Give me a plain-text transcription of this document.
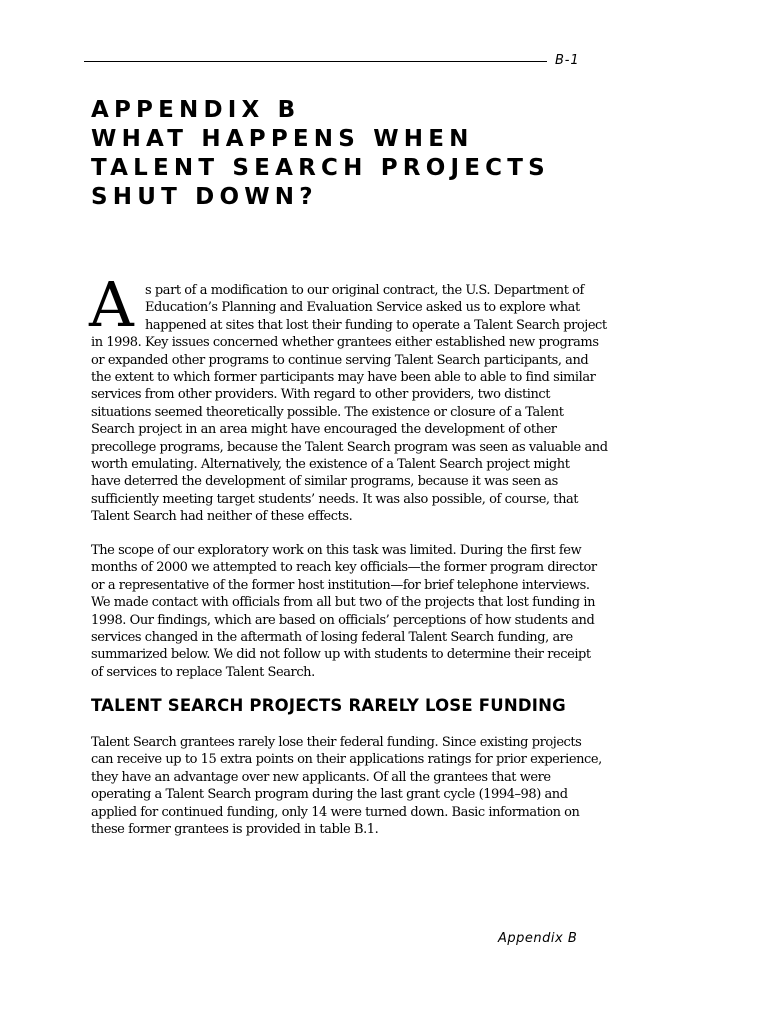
B-1
APPENDIX B
WHAT HAPPENS WHEN
TALENT SEARCH PROJECTS
SHUT DOWN?
A s part of a modification to our original contract, the U.S. Department of
Education’s Planning and Evaluation Service asked us to explore what
happened at sites that lost their funding to operate a Talent Search project
in 1998. Key issues concerned whether grantees either established new programs
or expanded other programs to continue serving Talent Search participants, and
the extent to which former participants may have been able to able to find similar
services from other providers. With regard to other providers, two distinct
situations seemed theoretically possible. The existence or closure of a Talent
Search project in an area might have encouraged the development of other
precollege programs, because the Talent Search program was seen as valuable and
worth emulating. Alternatively, the existence of a Talent Search project might
have deterred the development of similar programs, because it was seen as
sufficiently meeting target students’ needs. It was also possible, of course, that
Talent Search had neither of these effects.
The scope of our exploratory work on this task was limited. During the first few
months of 2000 we attempted to reach key officials—the former program director
or a representative of the former host institution—for brief telephone interviews.
We made contact with officials from all but two of the projects that lost funding in
1998. Our findings, which are based on officials’ perceptions of how students and
services changed in the aftermath of losing federal Talent Search funding, are
summarized below. We did not follow up with students to determine their receipt
of services to replace Talent Search.
TALENT SEARCH PROJECTS RARELY LOSE FUNDING
Talent Search grantees rarely lose their federal funding. Since existing projects
can receive up to 15 extra points on their applications ratings for prior experience,
they have an advantage over new applicants. Of all the grantees that were
operating a Talent Search program during the last grant cycle (1994–98) and
applied for continued funding, only 14 were turned down. Basic information on
these former grantees is provided in table B.1.
Appendix B
